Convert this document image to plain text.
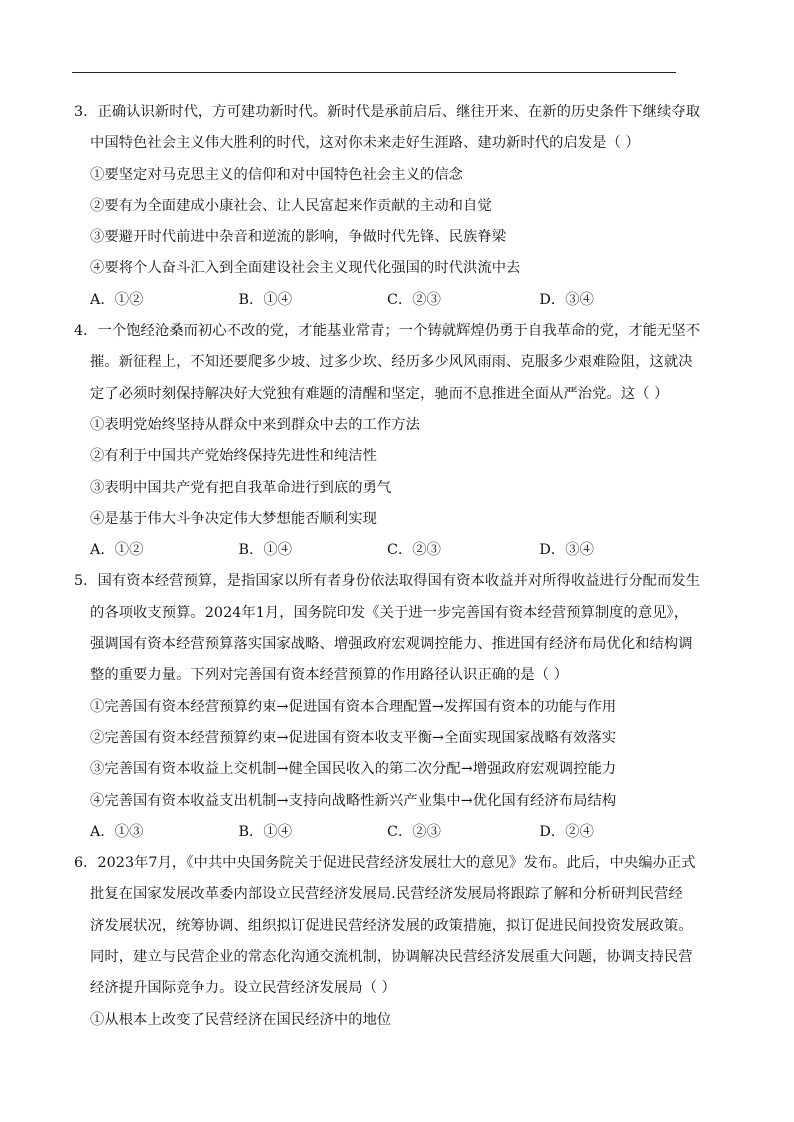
3．正确认识新时代，方可建功新时代。新时代是承前启后、继往开来、在新的历史条件下继续夺取
中国特色社会主义伟大胜利的时代，这对你未来走好生涯路、建功新时代的启发是（ ）
①要坚定对马克思主义的信仰和对中国特色社会主义的信念
②要有为全面建成小康社会、让人民富起来作贡献的主动和自觉
③要避开时代前进中杂音和逆流的影响，争做时代先锋、民族脊梁
④要将个人奋斗汇入到全面建设社会主义现代化强国的时代洪流中去
A．①②	B．①④	C．②③	D．③④
4．一个饱经沧桑而初心不改的党，才能基业常青；一个铸就辉煌仍勇于自我革命的党，才能无坚不
摧。新征程上，不知还要爬多少坡、过多少坎、经历多少风风雨雨、克服多少艰难险阻，这就决
定了必须时刻保持解决好大党独有难题的清醒和坚定，驰而不息推进全面从严治党。这（ ）
①表明党始终坚持从群众中来到群众中去的工作方法
②有利于中国共产党始终保持先进性和纯洁性
③表明中国共产党有把自我革命进行到底的勇气
④是基于伟大斗争决定伟大梦想能否顺利实现
A．①②	B．①④	C．②③	D．③④
5．国有资本经营预算，是指国家以所有者身份依法取得国有资本收益并对所得收益进行分配而发生
的各项收支预算。2024年1月，国务院印发《关于进一步完善国有资本经营预算制度的意见》，
强调国有资本经营预算落实国家战略、增强政府宏观调控能力、推进国有经济布局优化和结构调
整的重要力量。下列对完善国有资本经营预算的作用路径认识正确的是（ ）
①完善国有资本经营预算约束→促进国有资本合理配置→发挥国有资本的功能与作用
②完善国有资本经营预算约束→促进国有资本收支平衡→全面实现国家战略有效落实
③完善国有资本收益上交机制→健全国民收入的第二次分配→增强政府宏观调控能力
④完善国有资本收益支出机制→支持向战略性新兴产业集中→优化国有经济布局结构
A．①③	B．①④	C．②③	D．②④
6．2023年7月，《中共中央国务院关于促进民营经济发展壮大的意见》发布。此后，中央编办正式
批复在国家发展改革委内部设立民营经济发展局.民营经济发展局将跟踪了解和分析研判民营经
济发展状况，统筹协调、组织拟订促进民营经济发展的政策措施，拟订促进民间投资发展政策。
同时，建立与民营企业的常态化沟通交流机制，协调解决民营经济发展重大问题，协调支持民营
经济提升国际竞争力。设立民营经济发展局（ ）
①从根本上改变了民营经济在国民经济中的地位
